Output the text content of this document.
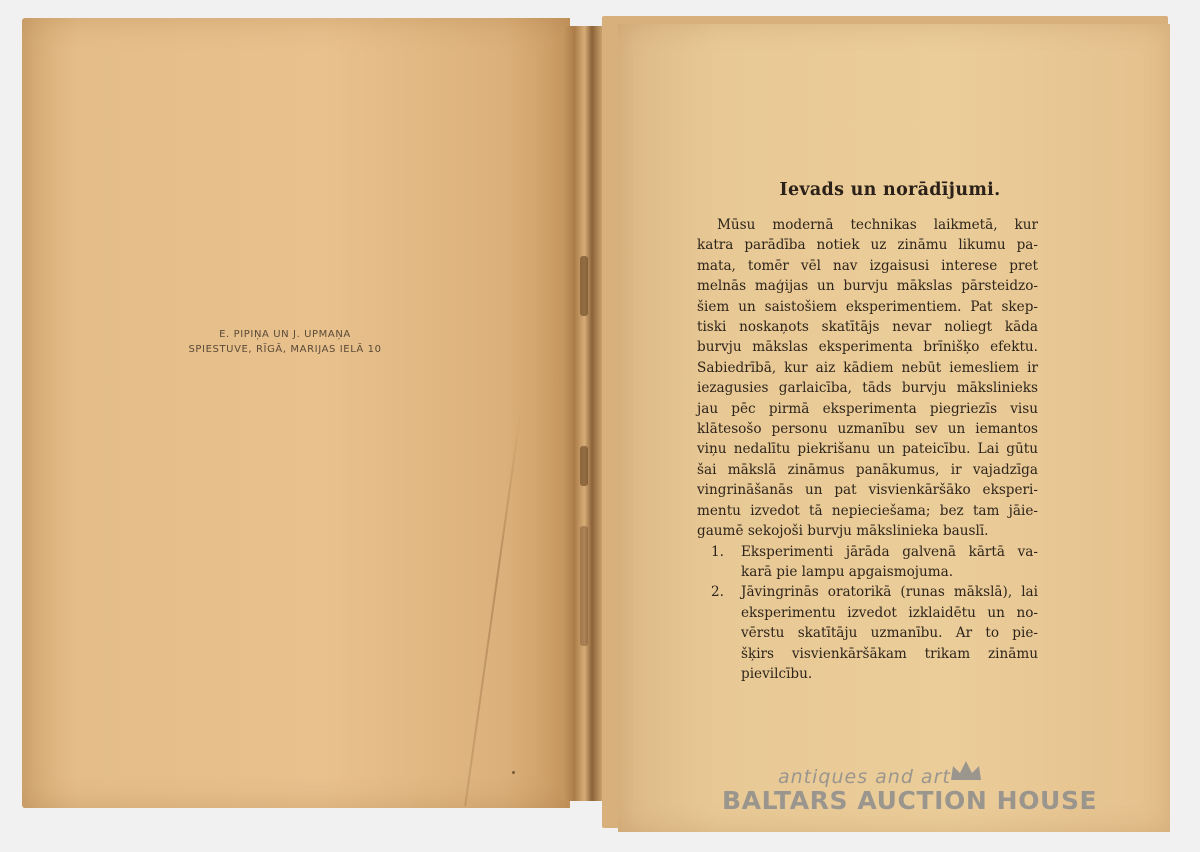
E. PIPIŅA UN J. UPMAŅA
SPIESTUVE, RĪGĀ, MARIJAS IELĀ 10
Ievads un norādījumi.

Mūsu modernā technikas laikmetā, kur
katra parādība notiek uz zināmu likumu pa-
mata, tomēr vēl nav izgaisusi interese pret
melnās maģijas un burvju mākslas pārsteidzo-
šiem un saistošiem eksperimentiem. Pat skep-
tiski noskaņots skatītājs nevar noliegt kāda
burvju mākslas eksperimenta brīnišķo efektu.
Sabiedrībā, kur aiz kādiem nebūt iemesliem ir
iezagusies garlaicība, tāds burvju mākslinieks
jau pēc pirmā eksperimenta piegriezīs visu
klātesošo personu uzmanību sev un iemantos
viņu nedalītu piekrišanu un pateicību. Lai gūtu
šai mākslā zināmus panākumus, ir vajadzīga
vingrināšanās un pat visvienkāršāko eksperi-
mentu izvedot tā nepieciešama; bez tam jāie-
gaumē sekojoši burvju mākslinieka bauslī.

1. Eksperimenti jārāda galvenā kārtā va-
karā pie lampu apgaismojuma.
2. Jāvingrinās oratorikā (runas mākslā), lai
eksperimentu izvedot izklaidētu un no-
vērstu skatītāju uzmanību. Ar to pie-
šķirs visvienkāršākam trikam zināmu
pievilcību.
antiques and art
BALTARS AUCTION HOUSE
